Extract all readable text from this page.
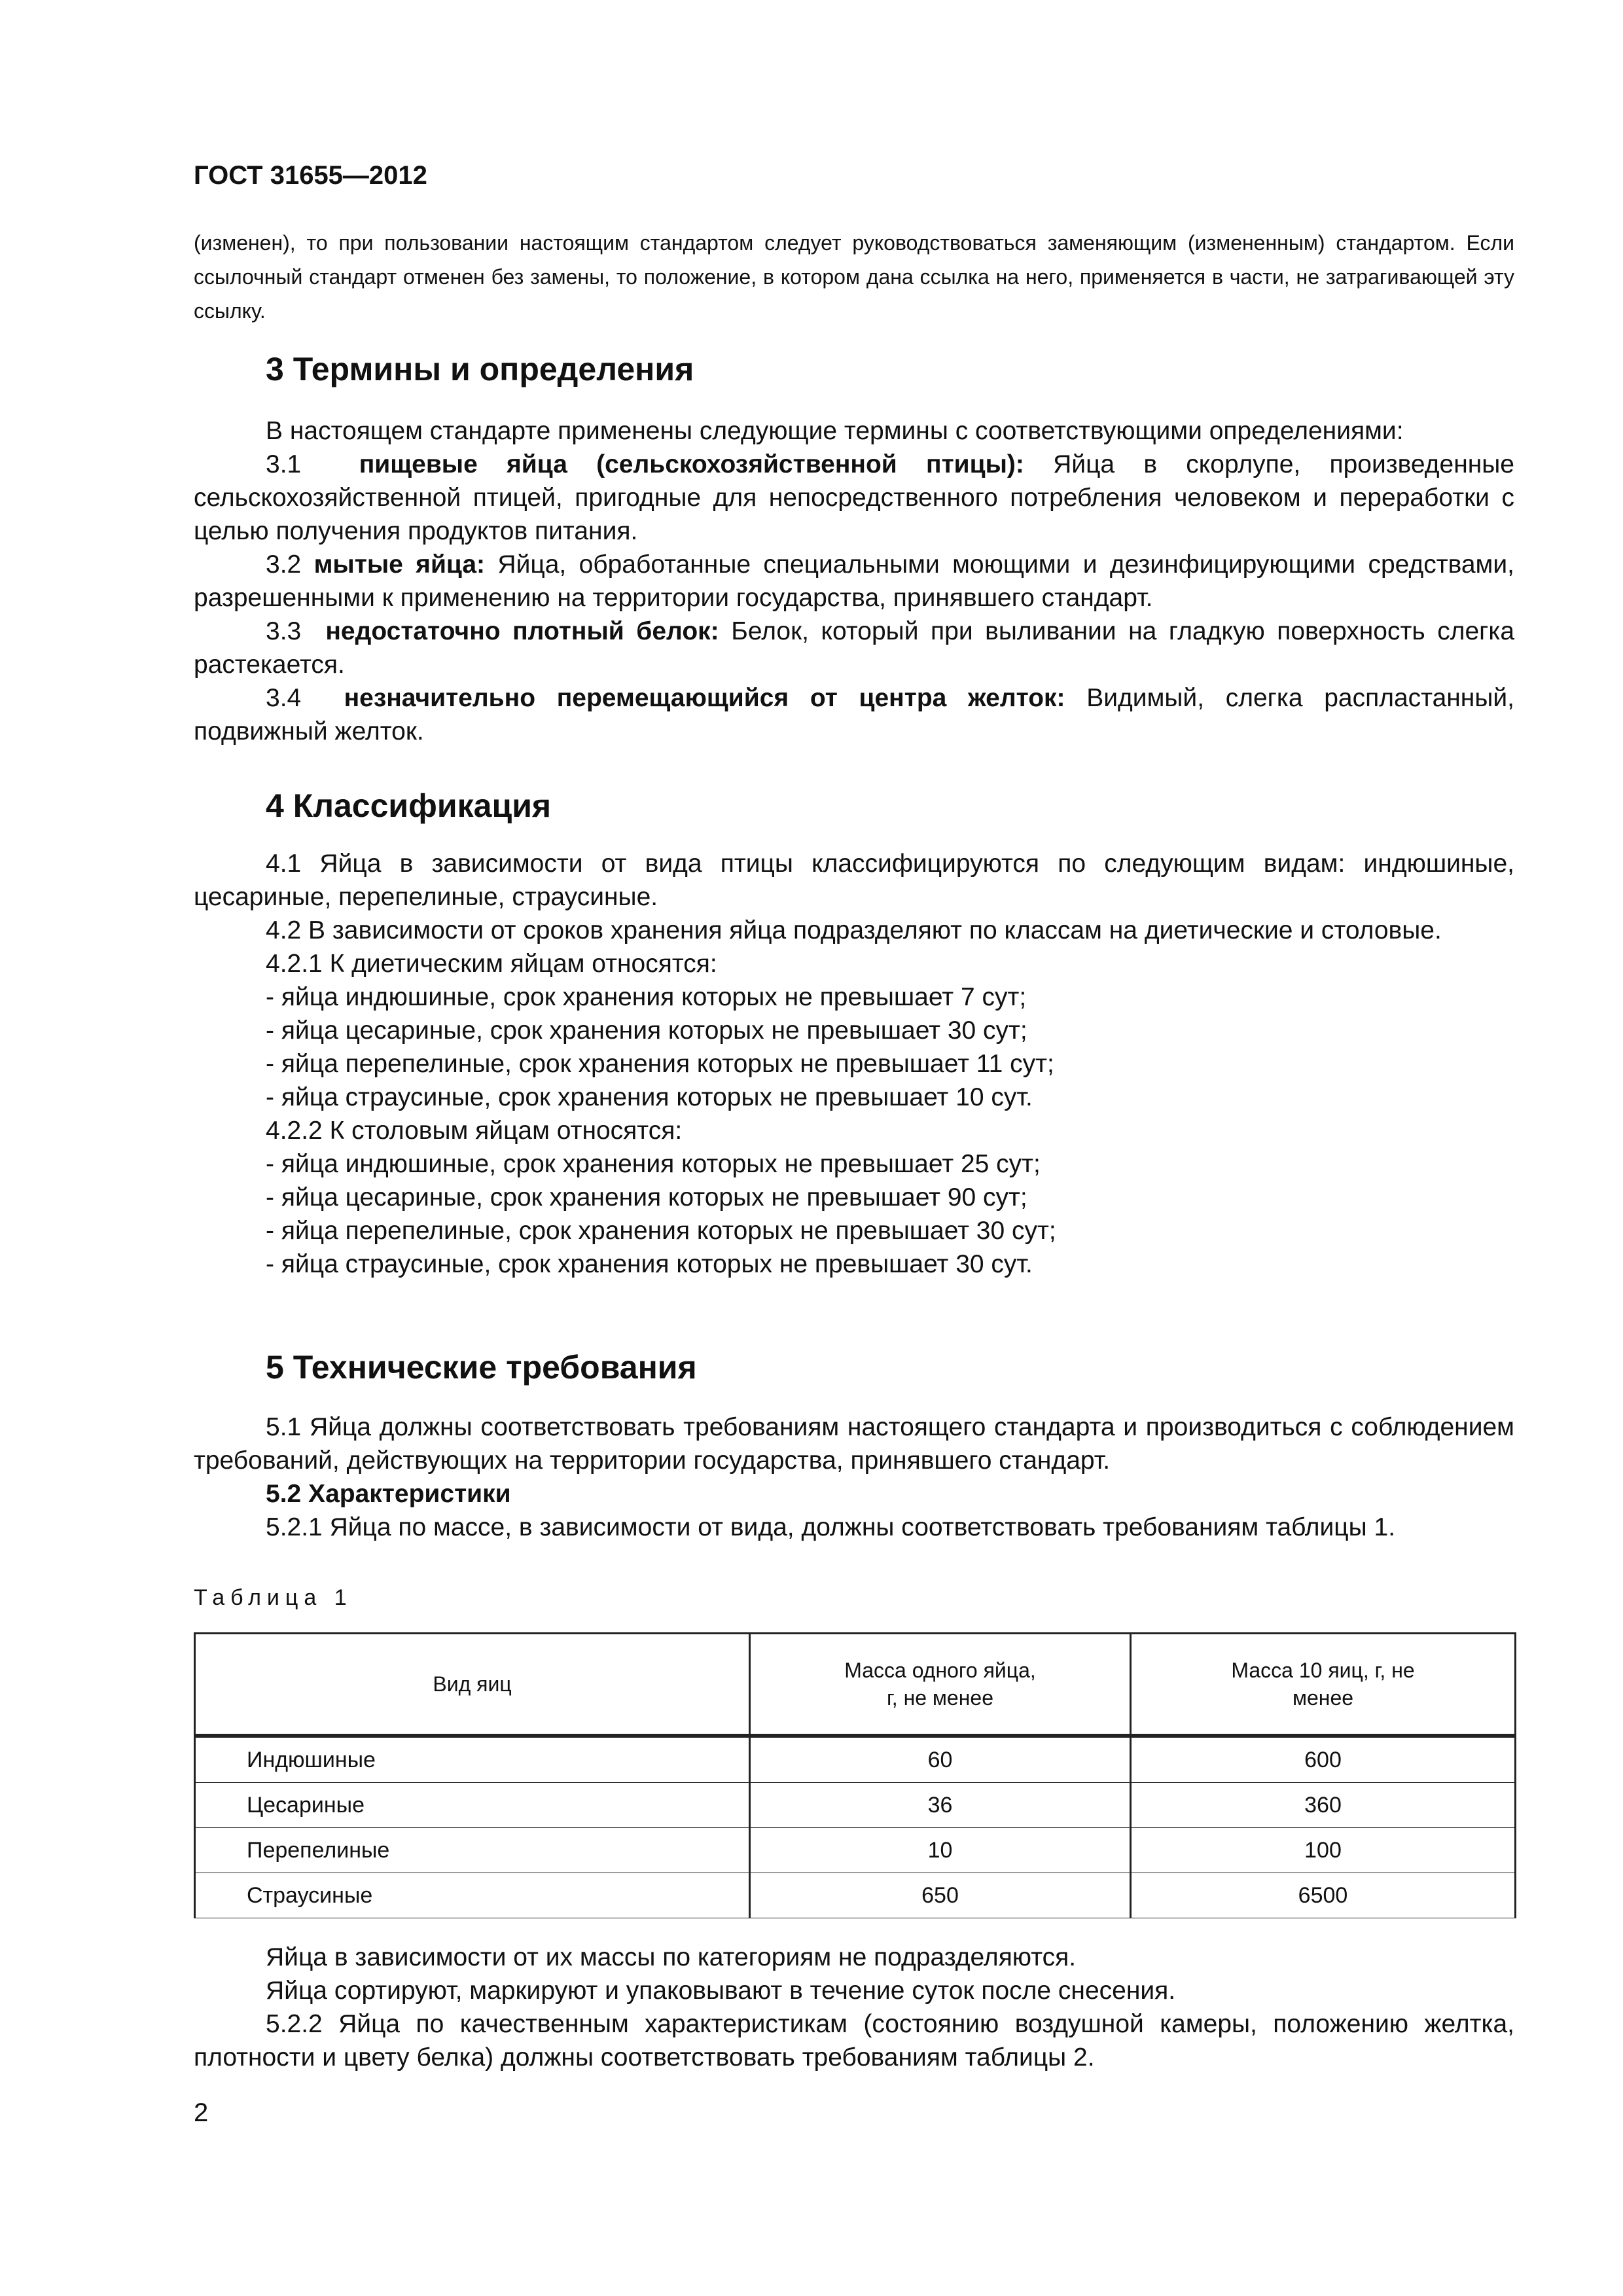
ГОСТ 31655—2012

(изменен), то при пользовании настоящим стандартом следует руководствоваться заменяющим (измененным) стандартом. Если ссылочный стандарт отменен без замены, то положение, в котором дана ссылка на него, применяется в части, не затрагивающей эту ссылку.

3 Термины и определения

В настоящем стандарте применены следующие термины с соответствующими определениями:

3.1 пищевые яйца (сельскохозяйственной птицы): Яйца в скорлупе, произведенные сельскохозяйственной птицей, пригодные для непосредственного потребления человеком и переработки с целью получения продуктов питания.

3.2 мытые яйца: Яйца, обработанные специальными моющими и дезинфицирующими средствами, разрешенными к применению на территории государства, принявшего стандарт.

3.3 недостаточно плотный белок: Белок, который при выливании на гладкую поверхность слегка растекается.

3.4 незначительно перемещающийся от центра желток: Видимый, слегка распластанный, подвижный желток.

4 Классификация

4.1 Яйца в зависимости от вида птицы классифицируются по следующим видам: индюшиные, цесариные, перепелиные, страусиные.

4.2 В зависимости от сроков хранения яйца подразделяют по классам на диетические и столовые.

4.2.1 К диетическим яйцам относятся:

- яйца индюшиные, срок хранения которых не превышает 7 сут;

- яйца цесариные, срок хранения которых не превышает 30 сут;

- яйца перепелиные, срок хранения которых не превышает 11 сут;

- яйца страусиные, срок хранения которых не превышает 10 сут.

4.2.2 К столовым яйцам относятся:

- яйца индюшиные, срок хранения которых не превышает 25 сут;

- яйца цесариные, срок хранения которых не превышает 90 сут;

- яйца перепелиные, срок хранения которых не превышает 30 сут;

- яйца страусиные, срок хранения которых не превышает 30 сут.

5 Технические требования

5.1 Яйца должны соответствовать требованиям настоящего стандарта и производиться с соблюдением требований, действующих на территории государства, принявшего стандарт.

5.2 Характеристики

5.2.1 Яйца по массе, в зависимости от вида, должны соответствовать требованиям таблицы 1.

Таблица 1
Вид яиц	Масса одного яйца, г, не менее	Масса 10 яиц, г, не менее
Индюшиные	60	600
Цесариные	36	360
Перепелиные	10	100
Страусиные	650	6500

Яйца в зависимости от их массы по категориям не подразделяются.

Яйца сортируют, маркируют и упаковывают в течение суток после снесения.

5.2.2 Яйца по качественным характеристикам (состоянию воздушной камеры, положению желтка, плотности и цвету белка) должны соответствовать требованиям таблицы 2.

2
